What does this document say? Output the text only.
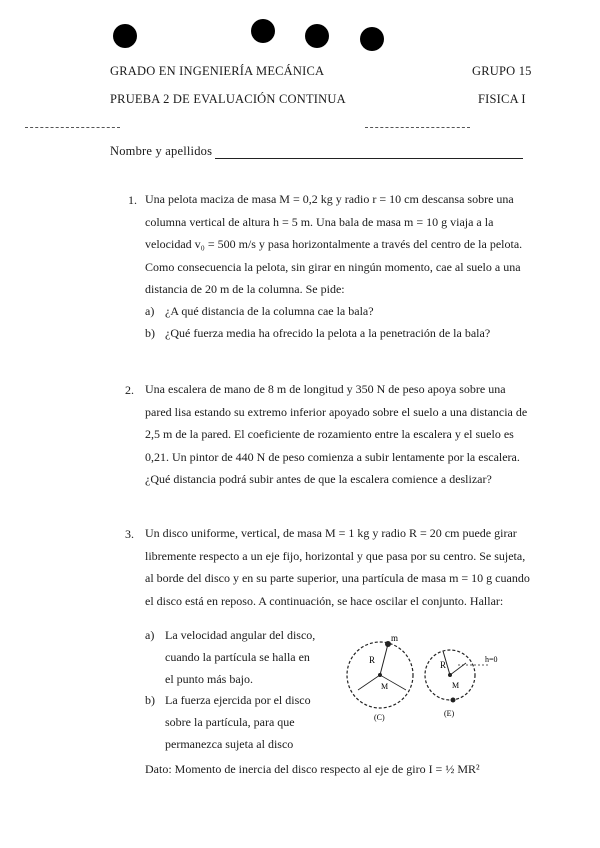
GRADO EN INGENIERÍA MECÁNICA
PRUEBA 2 DE EVALUACIÓN CONTINUA
GRUPO 15
FISICA I
Nombre y apellidos
1. Una pelota maciza de masa M = 0,2 kg y radio r = 10 cm descansa sobre una
columna vertical de altura h = 5 m. Una bala de masa m = 10 g viaja a la
velocidad v₀ = 500 m/s y pasa horizontalmente a través del centro de la pelota.
Como consecuencia la pelota, sin girar en ningún momento, cae al suelo a una
distancia de 20 m de la columna. Se pide:
a) ¿A qué distancia de la columna cae la bala?
b) ¿Qué fuerza media ha ofrecido la pelota a la penetración de la bala?
2. Una escalera de mano de 8 m de longitud y 350 N de peso apoya sobre una
pared lisa estando su extremo inferior apoyado sobre el suelo a una distancia de
2,5 m de la pared. El coeficiente de rozamiento entre la escalera y el suelo es
0,21. Un pintor de 440 N de peso comienza a subir lentamente por la escalera.
¿Qué distancia podrá subir antes de que la escalera comience a deslizar?
3. Un disco uniforme, vertical, de masa M = 1 kg y radio R = 20 cm puede girar
libremente respecto a un eje fijo, horizontal y que pasa por su centro. Se sujeta,
al borde del disco y en su parte superior, una partícula de masa m = 10 g cuando
el disco está en reposo. A continuación, se hace oscilar el conjunto. Hallar:
a) La velocidad angular del disco,
cuando la partícula se halla en
el punto más bajo.
b) La fuerza ejercida por el disco
sobre la partícula, para que
permanezca sujeta al disco
m
R
M
(C)
R
M
h=0
(E)
Dato: Momento de inercia del disco respecto al eje de giro I = ½ MR²
